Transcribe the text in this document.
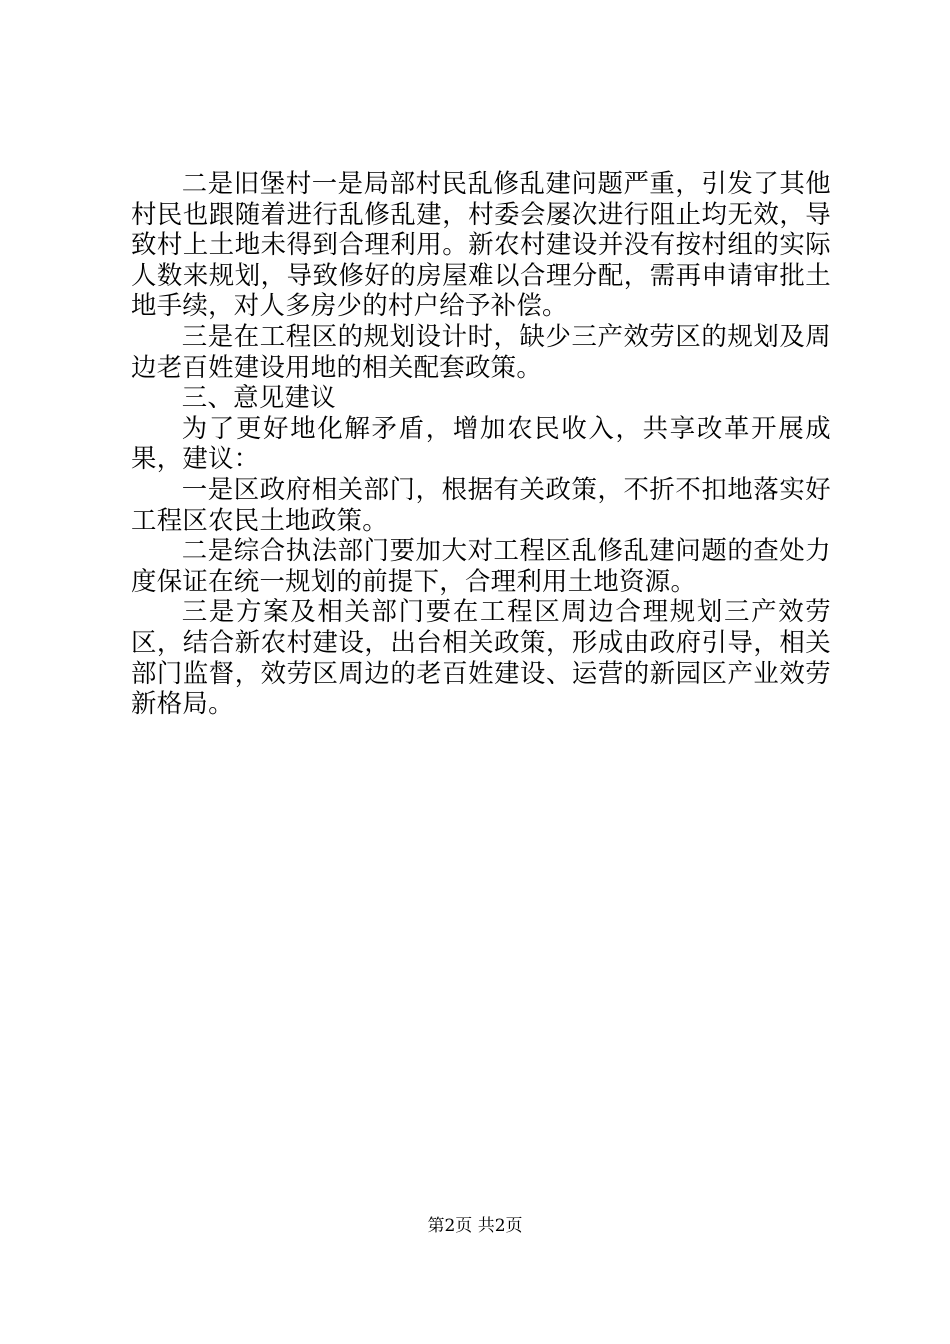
二是旧堡村一是局部村民乱修乱建问题严重，引发了其他村民也跟随着进行乱修乱建，村委会屡次进行阻止均无效，导致村上土地未得到合理利用。新农村建设并没有按村组的实际人数来规划，导致修好的房屋难以合理分配，需再申请审批土地手续，对人多房少的村户给予补偿。

三是在工程区的规划设计时，缺少三产效劳区的规划及周边老百姓建设用地的相关配套政策。

三、意见建议

为了更好地化解矛盾，增加农民收入，共享改革开展成果，建议：

一是区政府相关部门，根据有关政策，不折不扣地落实好工程区农民土地政策。

二是综合执法部门要加大对工程区乱修乱建问题的查处力度保证在统一规划的前提下，合理利用土地资源。

三是方案及相关部门要在工程区周边合理规划三产效劳区，结合新农村建设，出台相关政策，形成由政府引导，相关部门监督，效劳区周边的老百姓建设、运营的新园区产业效劳新格局。

第2页 共2页
